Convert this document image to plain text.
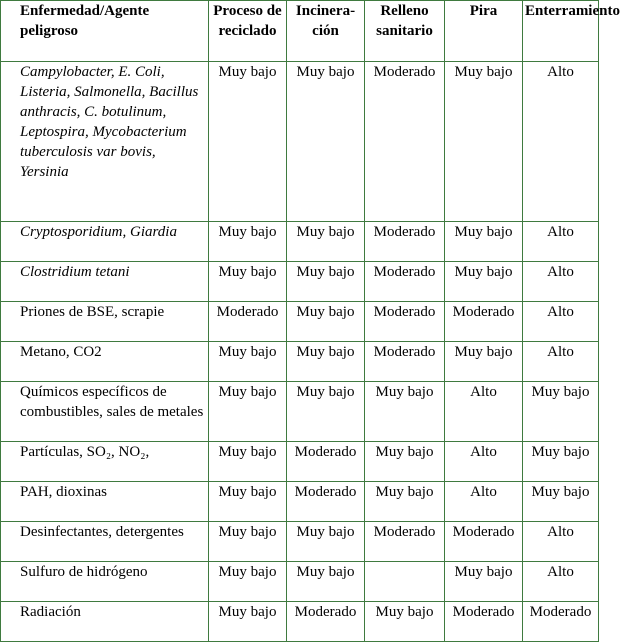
Enfermedad/Agente peligroso	Proceso de reciclado	Incinera-ción	Relleno sanitario	Pira	Enterramiento
Campylobacter, E. Coli, Listeria, Salmonella, Bacillus anthracis, C. botulinum, Leptospira, Mycobacterium tuberculosis var bovis, Yersinia	Muy bajo	Muy bajo	Moderado	Muy bajo	Alto
Cryptosporidium, Giardia	Muy bajo	Muy bajo	Moderado	Muy bajo	Alto
Clostridium tetani	Muy bajo	Muy bajo	Moderado	Muy bajo	Alto
Priones de BSE, scrapie	Moderado	Muy bajo	Moderado	Moderado	Alto
Metano, CO2	Muy bajo	Muy bajo	Moderado	Muy bajo	Alto
Químicos específicos de combustibles, sales de metales	Muy bajo	Muy bajo	Muy bajo	Alto	Muy bajo
Partículas, SO₂, NO₂,	Muy bajo	Moderado	Muy bajo	Alto	Muy bajo
PAH, dioxinas	Muy bajo	Moderado	Muy bajo	Alto	Muy bajo
Desinfectantes, detergentes	Muy bajo	Muy bajo	Moderado	Moderado	Alto
Sulfuro de hidrógeno	Muy bajo	Muy bajo		Muy bajo	Alto
Radiación	Muy bajo	Moderado	Muy bajo	Moderado	Moderado
